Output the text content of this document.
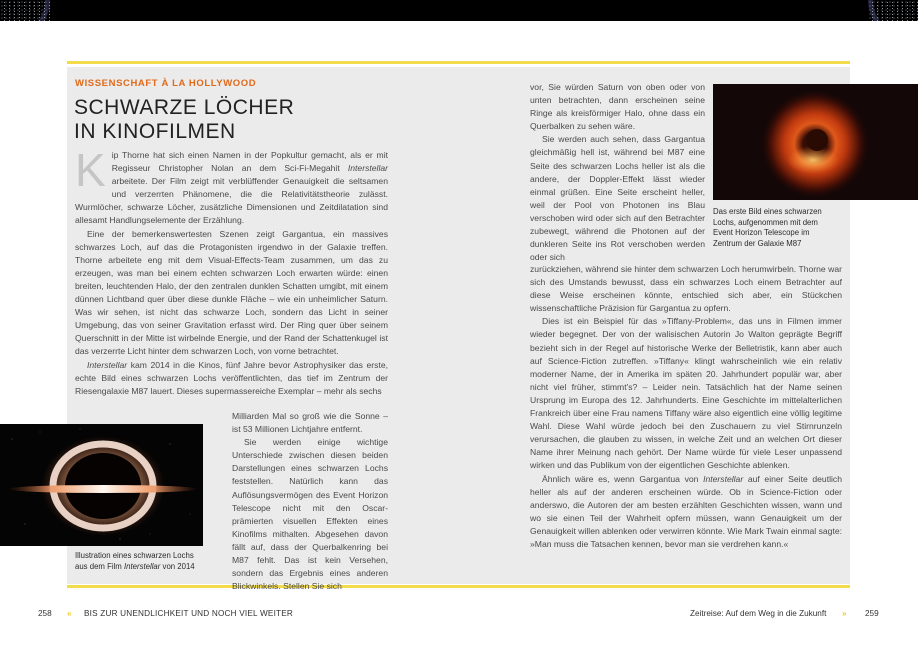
WISSENSCHAFT À LA HOLLYWOOD
SCHWARZE LÖCHER
IN KINOFILMEN

Kip Thorne hat sich einen Namen in der Popkultur gemacht, als er mit Regisseur Christopher Nolan an dem Sci-Fi-Megahit Interstellar arbeitete. Der Film zeigt mit verblüffender Genauigkeit die seltsamen und verzerrten Phänomene, die die Relativitätstheorie zulässt. Wurmlöcher, schwarze Löcher, zusätzliche Dimensionen und Zeitdilatation sind allesamt Handlungselemente der Erzählung.

Eine der bemerkenswertesten Szenen zeigt Gargantua, ein massives schwarzes Loch, auf das die Protagonisten irgendwo in der Galaxie treffen. Thorne arbeitete eng mit dem Visual-Effects-Team zusammen, um das zu erzeugen, was man bei einem echten schwarzen Loch erwarten würde: einen breiten, leuchtenden Halo, der den zentralen dunklen Schatten umgibt, mit einem dünnen Lichtband quer über diese dunkle Fläche – wie ein unheimlicher Saturn. Was wir sehen, ist nicht das schwarze Loch, sondern das Licht in seiner Umgebung, das von seiner Gravitation erfasst wird. Der Ring quer über seinem Querschnitt in der Mitte ist wirbelnde Energie, und der Rand der Schattenkugel ist das verzerrte Licht hinter dem schwarzen Loch, von vorne betrachtet.

Interstellar kam 2014 in die Kinos, fünf Jahre bevor Astrophysiker das erste, echte Bild eines schwarzen Lochs veröffentlichten, das tief im Zentrum der Riesengalaxie M87 lauert. Dieses supermassereiche Exemplar – mehr als sechs

Illustration eines schwarzen Lochs aus dem Film Interstellar von 2014

Milliarden Mal so groß wie die Sonne – ist 53 Millionen Lichtjahre entfernt.

Sie werden einige wichtige Unterschiede zwischen diesen beiden Darstellungen eines schwarzen Lochs feststellen. Natürlich kann das Auflösungsvermögen des Event Horizon Telescope nicht mit den Oscar-prämierten visuellen Effekten eines Kinofilms mithalten. Abgesehen davon fällt auf, dass der Querbalkenring bei M87 fehlt. Das ist kein Versehen, sondern das Ergebnis eines anderen Blickwinkels. Stellen Sie sich

vor, Sie würden Saturn von oben oder von unten betrachten, dann erscheinen seine Ringe als kreisförmiger Halo, ohne dass ein Querbalken zu sehen wäre.

Sie werden auch sehen, dass Gargantua gleichmäßig hell ist, während bei M87 eine Seite des schwarzen Lochs heller ist als die andere, der Doppler-Effekt lässt wieder einmal grüßen. Eine Seite erscheint heller, weil der Pool von Photonen ins Blau verschoben wird oder sich auf den Betrachter zubewegt, während die Photonen auf der dunkleren Seite ins Rot verschoben werden oder sich

Das erste Bild eines schwarzen Lochs, aufgenommen mit dem Event Horizon Telescope im Zentrum der Galaxie M87

zurückziehen, während sie hinter dem schwarzen Loch herumwirbeln. Thorne war sich des Umstands bewusst, dass ein schwarzes Loch einem Betrachter auf diese Weise erscheinen könnte, entschied sich aber, ein Stückchen wissenschaftliche Präzision für Gargantua zu opfern.

Dies ist ein Beispiel für das »Tiffany-Problem«, das uns in Filmen immer wieder begegnet. Der von der walisischen Autorin Jo Walton geprägte Begriff bezieht sich in der Regel auf historische Werke der Belletristik, kann aber auch auf Science-Fiction zutreffen. »Tiffany« klingt wahrscheinlich wie ein relativ moderner Name, der in Amerika im späten 20. Jahrhundert populär war, aber nicht viel früher, stimmt's? – Leider nein. Tatsächlich hat der Name seinen Ursprung im Europa des 12. Jahrhunderts. Eine Geschichte im mittelalterlichen Frankreich über eine Frau namens Tiffany wäre also eigentlich eine völlig legitime Wahl. Diese Wahl würde jedoch bei den Zuschauern zu viel Stirnrunzeln verursachen, die glauben zu wissen, in welche Zeit und an welchen Ort dieser Name ihrer Meinung nach gehört. Der Name würde für viele Leser unpassend wirken und das Publikum von der eigentlichen Geschichte ablenken.

Ähnlich wäre es, wenn Gargantua von Interstellar auf einer Seite deutlich heller als auf der anderen erscheinen würde. Ob in Science-Fiction oder anderswo, die Autoren der am besten erzählten Geschichten wissen, wann und wo sie einen Teil der Wahrheit opfern müssen, wann Genauigkeit um der Genauigkeit willen ablenken oder verwirren könnte. Wie Mark Twain einmal sagte: »Man muss die Tatsachen kennen, bevor man sie verdrehen kann.«

258 « BIS ZUR UNENDLICHKEIT UND NOCH VIEL WEITER	Zeitreise: Auf dem Weg in die Zukunft » 259
